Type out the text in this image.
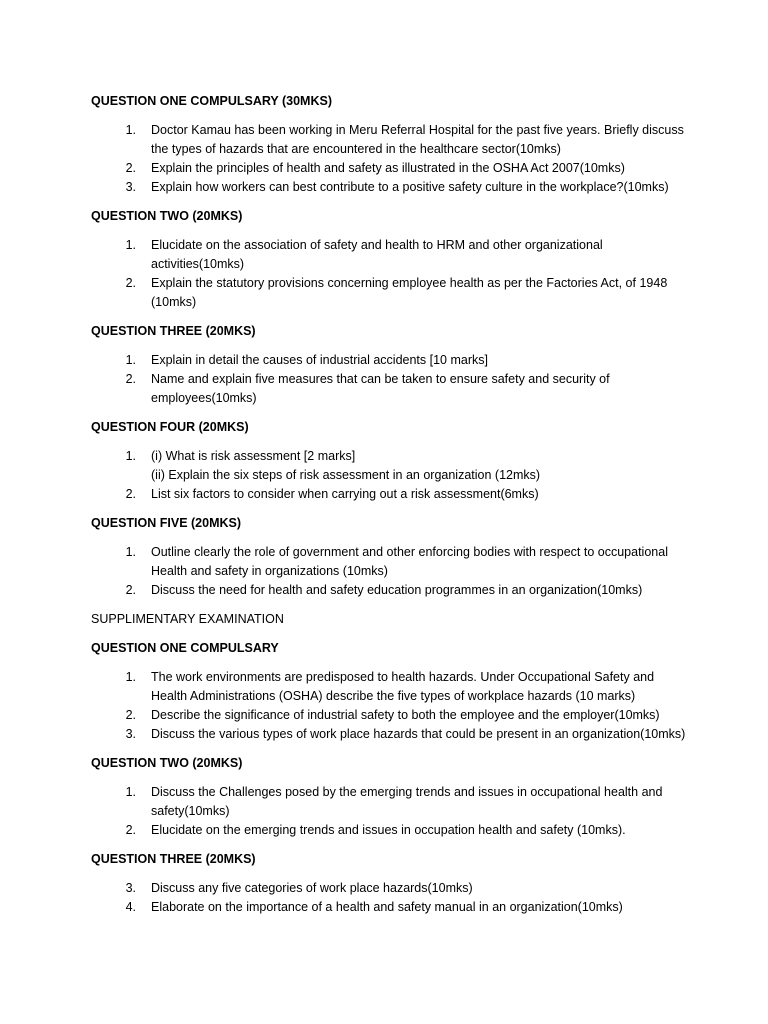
QUESTION ONE COMPULSARY (30MKS)
1. Doctor Kamau has been working in Meru Referral Hospital for the past five years. Briefly discuss the types of hazards that are encountered in the healthcare sector(10mks)
2. Explain the principles of health and safety as illustrated in the OSHA Act 2007(10mks)
3. Explain how workers can best contribute to a positive safety culture in the workplace?(10mks)
QUESTION TWO (20MKS)
1. Elucidate on the association of safety and health to HRM and other organizational activities(10mks)
2. Explain the statutory provisions concerning employee health as per the Factories Act, of 1948 (10mks)
QUESTION THREE (20MKS)
1. Explain in detail the causes of industrial accidents [10 marks]
2. Name and explain five measures that can be taken to ensure safety and security of employees(10mks)
QUESTION FOUR (20MKS)
1. (i) What is risk assessment [2 marks]
(ii) Explain the six steps of risk assessment in an organization (12mks)
2. List six factors to consider when carrying out a risk assessment(6mks)
QUESTION FIVE (20MKS)
1. Outline clearly the role of government and other enforcing bodies with respect to occupational Health and safety in organizations (10mks)
2. Discuss the need for health and safety education programmes in an organization(10mks)
SUPPLIMENTARY EXAMINATION
QUESTION ONE COMPULSARY
1. The work environments are predisposed to health hazards. Under Occupational Safety and Health Administrations (OSHA) describe the five types of workplace hazards (10 marks)
2. Describe the significance of industrial safety to both the employee and the employer(10mks)
3. Discuss the various types of work place hazards that could be present in an organization(10mks)
QUESTION TWO (20MKS)
1. Discuss the Challenges posed by the emerging trends and issues in occupational health and safety(10mks)
2. Elucidate on the emerging trends and issues in occupation health and safety (10mks).
QUESTION THREE (20MKS)
3. Discuss any five categories of work place hazards(10mks)
4. Elaborate on the importance of a health and safety manual in an organization(10mks)
